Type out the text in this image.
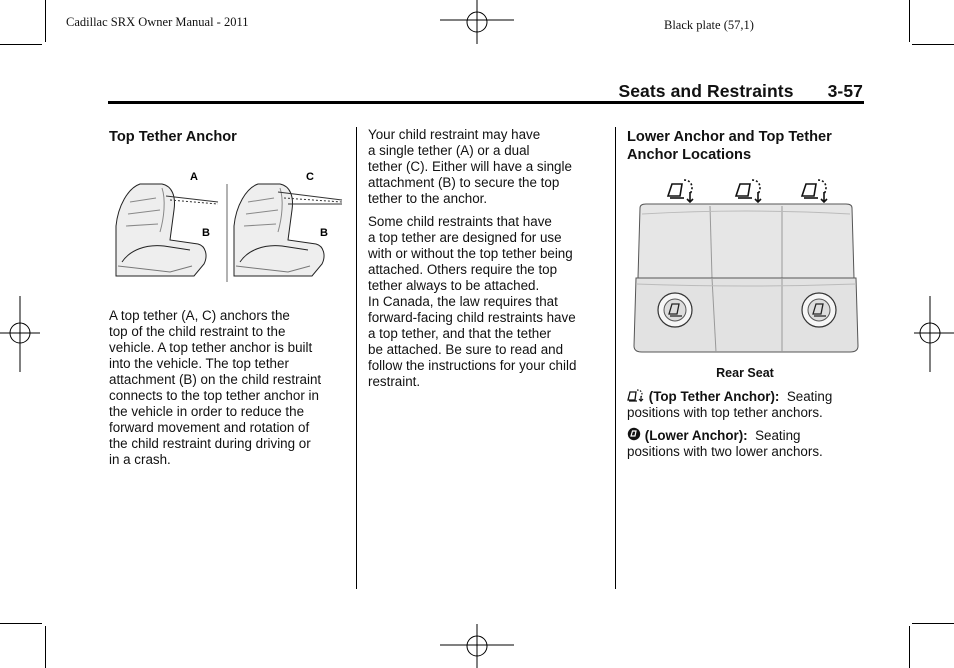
Cadillac SRX Owner Manual - 2011	Black plate (57,1)
Seats and Restraints 3-57
Top Tether Anchor
A
B
C
B

A top tether (A, C) anchors the

top of the child restraint to the

vehicle. A top tether anchor is built

into the vehicle. The top tether

attachment (B) on the child restraint

connects to the top tether anchor in

the vehicle in order to reduce the

forward movement and rotation of

the child restraint during driving or

in a crash.

Your child restraint may have

a single tether (A) or a dual

tether (C). Either will have a single

attachment (B) to secure the top

tether to the anchor.

Some child restraints that have

a top tether are designed for use

with or without the top tether being

attached. Others require the top

tether always to be attached.

In Canada, the law requires that

forward-facing child restraints have

a top tether, and that the tether

be attached. Be sure to read and

follow the instructions for your child

restraint.

Lower Anchor and Top Tether
Anchor Locations
Rear Seat

(Top Tether Anchor): Seating

positions with top tether anchors.

(Lower Anchor): Seating

positions with two lower anchors.
